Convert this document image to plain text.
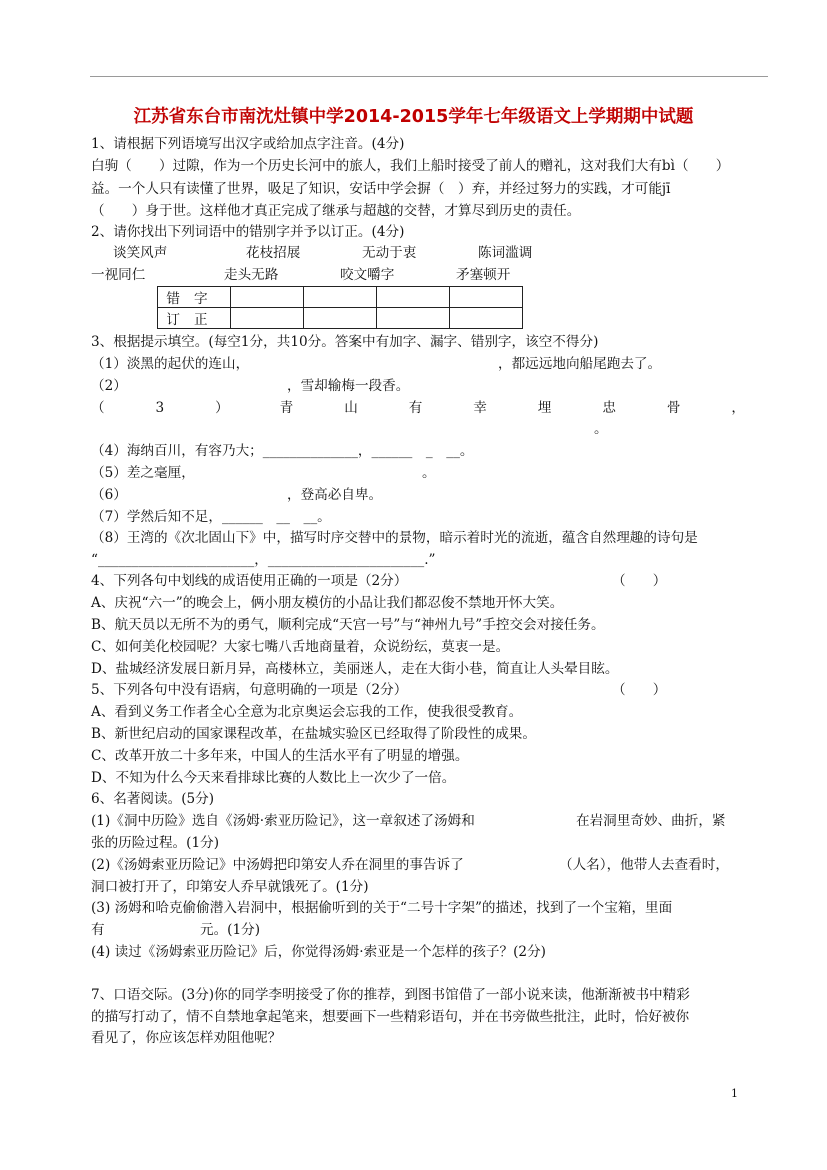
江苏省东台市南沈灶镇中学2014-2015学年七年级语文上学期期中试题
1、请根据下列语境写出汉字或给加点字注音。(4分)
白驹（　　）过隙，作为一个历史长河中的旅人，我们上船时接受了前人的赠礼，这对我们大有bì（　　）
益。一个人只有读懂了世界，吸足了知识，安话中学会摒（　）弃，并经过努力的实践，才可能jī
（　　）身于世。这样他才真正完成了继承与超越的交替，才算尽到历史的责任。
2、请你找出下列词语中的错别字并予以订正。(4分)
谈笑风声	花枝招展	无动于衷	陈词滥调
一视同仁	走头无路	咬文嚼字	矛塞顿开
错字				
订正				
3、根据提示填空。(每空1分，共10分。答案中有加字、漏字、错别字，该空不得分)
（1）淡黑的起伏的连山，	，都远远地向船尾跑去了。
（2）	，雪却输梅一段香。
（	3	）	青	山	有	幸	埋	忠	骨	，
。
（4）海纳百川，有容乃大；______________，______　_　__。
（5）差之毫厘，	。
（6）	，登高必自卑。
（7）学然后知不足，______　__　__。
（8）王湾的《次北固山下》中，描写时序交替中的景物，暗示着时光的流逝，蕴含自然理趣的诗句是
“_______________________，_______________________.”
4、下列各句中划线的成语使用正确的一项是（2分）	（　　）
A、庆祝“六一”的晚会上，俩小朋友模仿的小品让我们都忍俊不禁地开怀大笑。
B、航天员以无所不为的勇气，顺利完成“天宫一号”与“神州九号”手控交会对接任务。
C、如何美化校园呢？大家七嘴八舌地商量着，众说纷纭，莫衷一是。
D、盐城经济发展日新月异，高楼林立，美丽迷人，走在大街小巷，简直让人头晕目眩。
5、下列各句中没有语病，句意明确的一项是（2分）	（　　）
A、看到义务工作者全心全意为北京奥运会忘我的工作，使我很受教育。
B、新世纪启动的国家课程改革，在盐城实验区已经取得了阶段性的成果。
C、改革开放二十多年来，中国人的生活水平有了明显的增强。
D、不知为什么今天来看排球比赛的人数比上一次少了一倍。
6、名著阅读。(5分)
(1)《洞中历险》选自《汤姆·索亚历险记》，这一章叙述了汤姆和	在岩洞里奇妙、曲折，紧
张的历险过程。(1分)
(2)《汤姆索亚历险记》中汤姆把印第安人乔在洞里的事告诉了	（人名），他带人去查看时，
洞口被打开了，印第安人乔早就饿死了。(1分)
(3) 汤姆和哈克偷偷潜入岩洞中，根据偷听到的关于“二号十字架”的描述，找到了一个宝箱，里面
有	元。(1分)
(4) 读过《汤姆索亚历险记》后，你觉得汤姆·索亚是一个怎样的孩子？(2分)
7、口语交际。(3分)你的同学李明接受了你的推荐，到图书馆借了一部小说来读，他渐渐被书中精彩
的描写打动了，情不自禁地拿起笔来，想要画下一些精彩语句，并在书旁做些批注，此时，恰好被你
看见了，你应该怎样劝阻他呢？
1
